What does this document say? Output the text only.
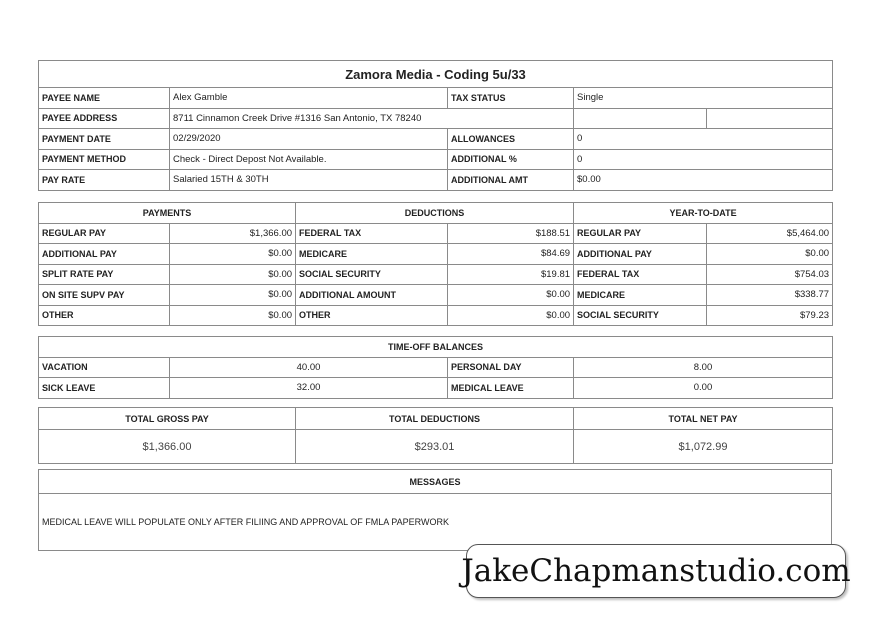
Zamora Media - Coding 5u/33				
PAYEE NAME	Alex Gamble	TAX STATUS	Single	
PAYEE ADDRESS	8711 Cinnamon Creek Drive #1316 San Antonio, TX 78240			
PAYMENT DATE	02/29/2020	ALLOWANCES	0	
PAYMENT METHOD	Check - Direct Depost Not Available.	ADDITIONAL %	0	
PAY RATE	Salaried 15TH & 30TH	ADDITIONAL AMT	$0.00	
PAYMENTS		DEDUCTIONS		YEAR-TO-DATE	
REGULAR PAY	$1,366.00	FEDERAL TAX	$188.51	REGULAR PAY	$5,464.00
ADDITIONAL PAY	$0.00	MEDICARE	$84.69	ADDITIONAL PAY	$0.00
SPLIT RATE PAY	$0.00	SOCIAL SECURITY	$19.81	FEDERAL TAX	$754.03
ON SITE SUPV PAY	$0.00	ADDITIONAL AMOUNT	$0.00	MEDICARE	$338.77
OTHER	$0.00	OTHER	$0.00	SOCIAL SECURITY	$79.23
TIME-OFF BALANCES			
VACATION	40.00	PERSONAL DAY	8.00
SICK LEAVE	32.00	MEDICAL LEAVE	0.00
TOTAL GROSS PAY	TOTAL DEDUCTIONS	TOTAL NET PAY
$1,366.00	$293.01	$1,072.99
MESSAGES
MEDICAL LEAVE WILL POPULATE ONLY AFTER FILIING AND APPROVAL OF FMLA PAPERWORK
JakeChapmanstudio.com
